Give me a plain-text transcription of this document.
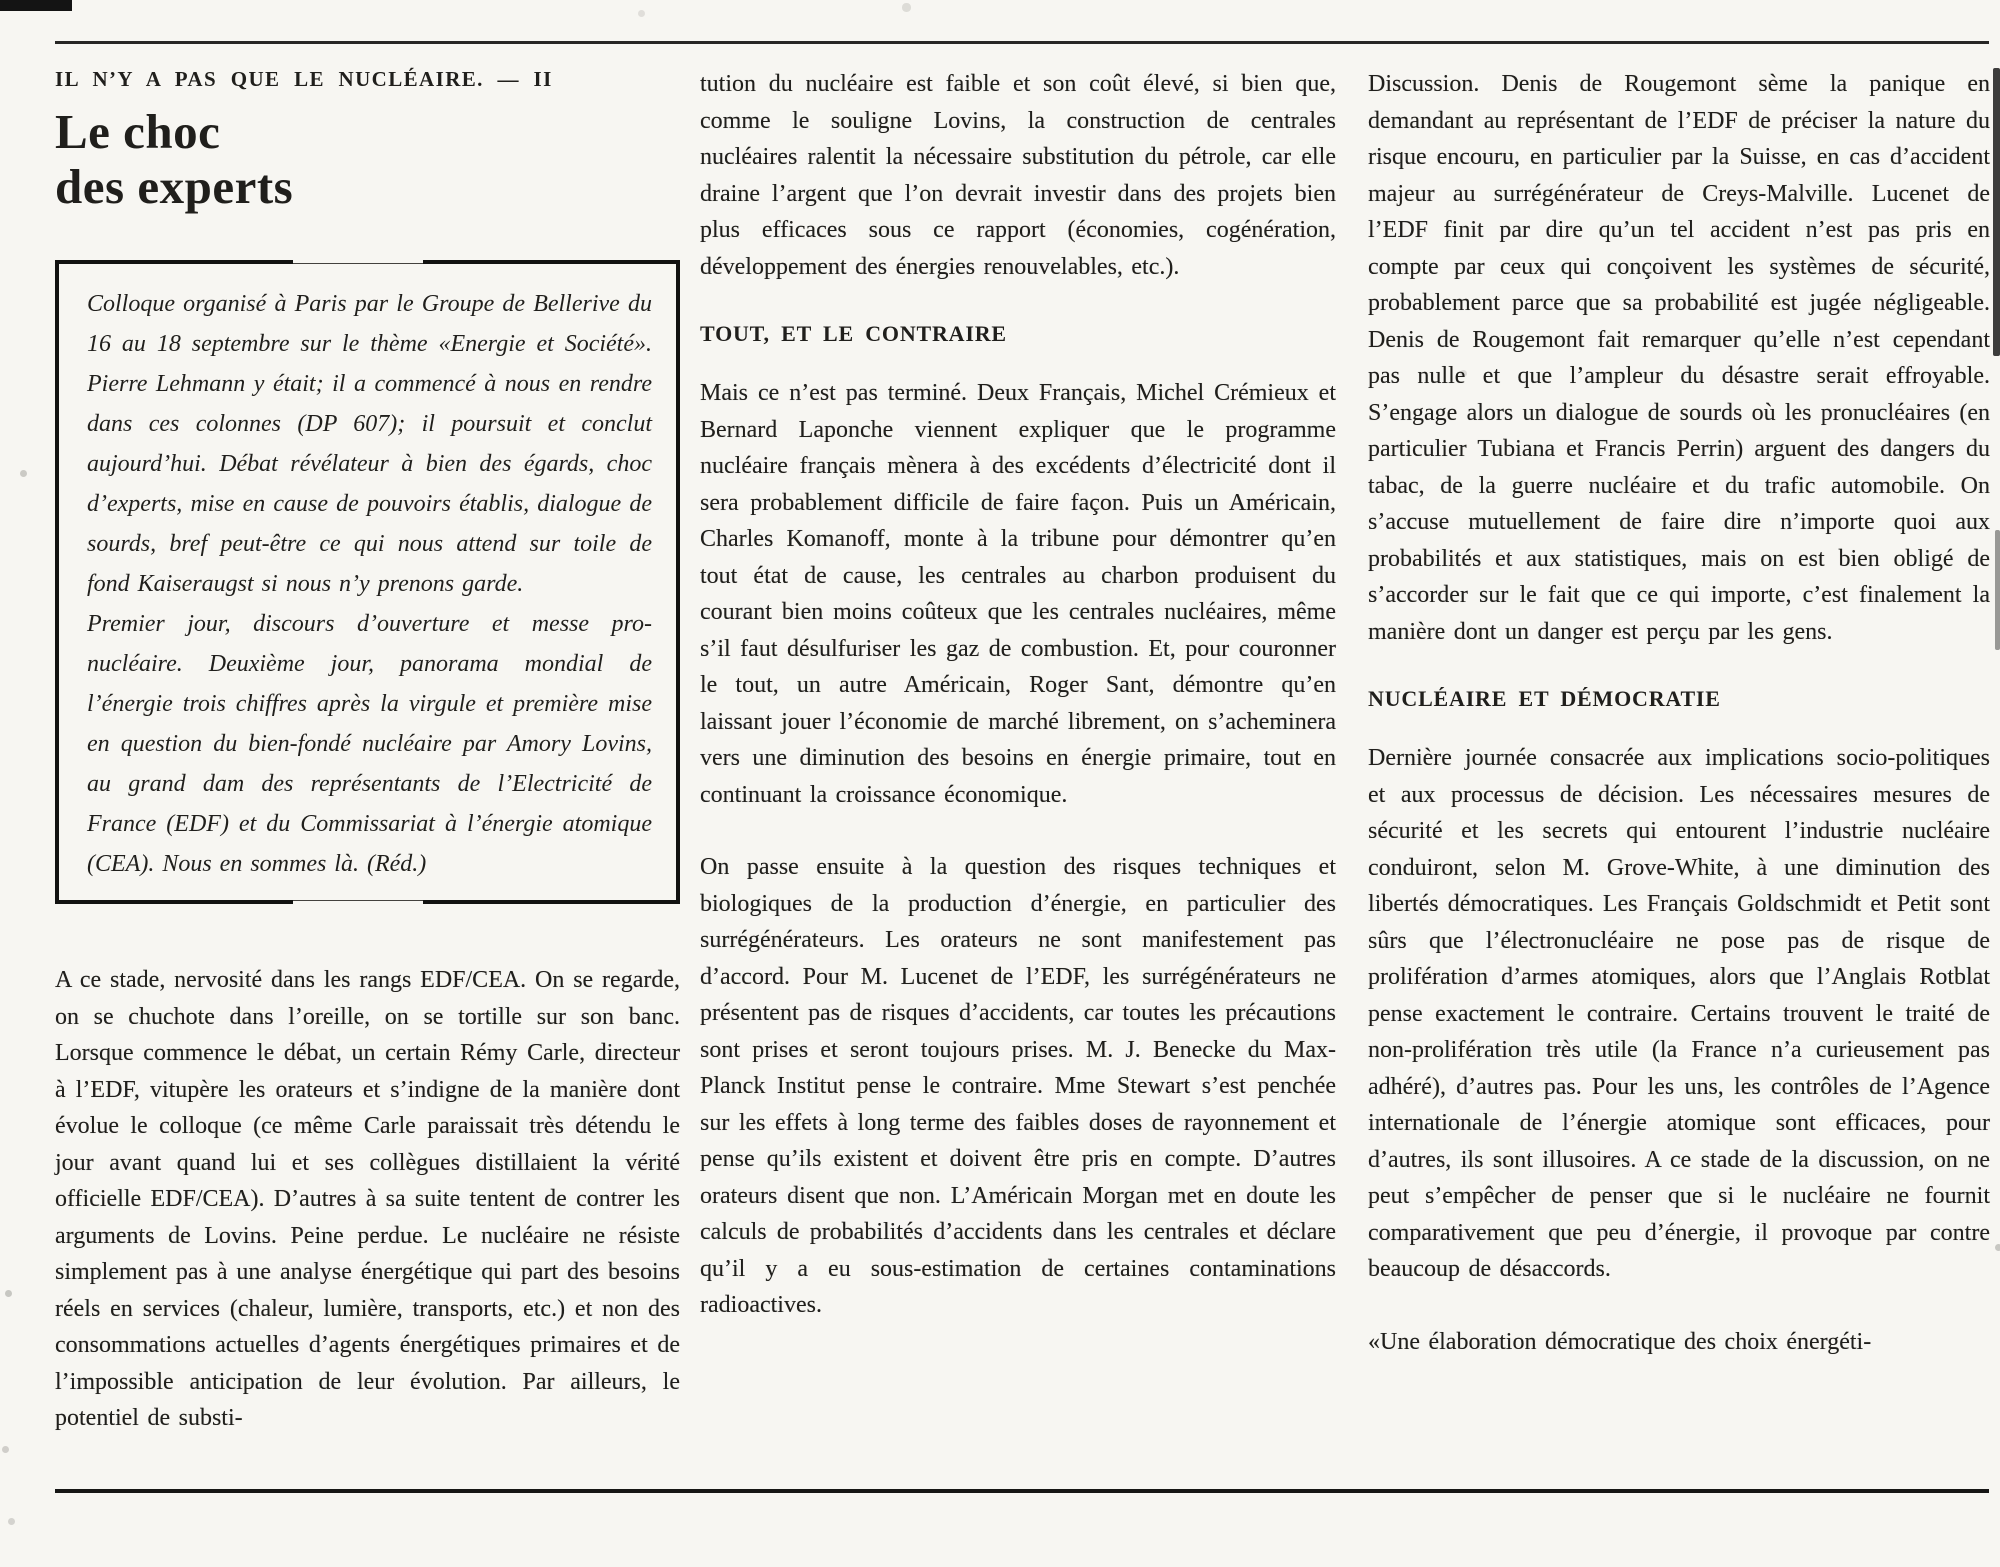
IL N’Y A PAS QUE LE NUCLÉAIRE. — II
Le choc
des experts

Colloque organisé à Paris par le Groupe de Bellerive du 16 au 18 septembre sur le thème «Energie et Société». Pierre Lehmann y était; il a commencé à nous en rendre dans ces colonnes (DP 607); il poursuit et conclut aujourd’hui. Débat révélateur à bien des égards, choc d’experts, mise en cause de pouvoirs établis, dialogue de sourds, bref peut-être ce qui nous attend sur toile de fond Kaiseraugst si nous n’y prenons garde.

Premier jour, discours d’ouverture et messe pro-nucléaire. Deuxième jour, panorama mondial de l’énergie trois chiffres après la virgule et première mise en question du bien-fondé nucléaire par Amory Lovins, au grand dam des représentants de l’Electricité de France (EDF) et du Commissariat à l’énergie atomique (CEA). Nous en sommes là. (Réd.)

A ce stade, nervosité dans les rangs EDF/CEA. On se regarde, on se chuchote dans l’oreille, on se tortille sur son banc. Lorsque commence le débat, un certain Rémy Carle, directeur à l’EDF, vitupère les orateurs et s’indigne de la manière dont évolue le colloque (ce même Carle paraissait très détendu le jour avant quand lui et ses collègues distillaient la vérité officielle EDF/CEA). D’autres à sa suite tentent de contrer les arguments de Lovins. Peine perdue. Le nucléaire ne résiste simplement pas à une analyse énergétique qui part des besoins réels en services (chaleur, lumière, transports, etc.) et non des consommations actuelles d’agents énergétiques primaires et de l’impossible anticipation de leur évolution. Par ailleurs, le potentiel de substi-

tution du nucléaire est faible et son coût élevé, si bien que, comme le souligne Lovins, la construction de centrales nucléaires ralentit la nécessaire substitution du pétrole, car elle draine l’argent que l’on devrait investir dans des projets bien plus efficaces sous ce rapport (économies, cogénération, développement des énergies renouvelables, etc.).

TOUT, ET LE CONTRAIRE

Mais ce n’est pas terminé. Deux Français, Michel Crémieux et Bernard Laponche viennent expliquer que le programme nucléaire français mènera à des excédents d’électricité dont il sera probablement difficile de faire façon. Puis un Américain, Charles Komanoff, monte à la tribune pour démontrer qu’en tout état de cause, les centrales au charbon produisent du courant bien moins coûteux que les centrales nucléaires, même s’il faut désulfuriser les gaz de combustion. Et, pour couronner le tout, un autre Américain, Roger Sant, démontre qu’en laissant jouer l’économie de marché librement, on s’acheminera vers une diminution des besoins en énergie primaire, tout en continuant la croissance économique.

On passe ensuite à la question des risques techniques et biologiques de la production d’énergie, en particulier des surrégénérateurs. Les orateurs ne sont manifestement pas d’accord. Pour M. Lucenet de l’EDF, les surrégénérateurs ne présentent pas de risques d’accidents, car toutes les précautions sont prises et seront toujours prises. M. J. Benecke du Max-Planck Institut pense le contraire. Mme Stewart s’est penchée sur les effets à long terme des faibles doses de rayonnement et pense qu’ils existent et doivent être pris en compte. D’autres orateurs disent que non. L’Américain Morgan met en doute les calculs de probabilités d’accidents dans les centrales et déclare qu’il y a eu sous-estimation de certaines contaminations radioactives.

Discussion. Denis de Rougemont sème la panique en demandant au représentant de l’EDF de préciser la nature du risque encouru, en particulier par la Suisse, en cas d’accident majeur au surrégénérateur de Creys-Malville. Lucenet de l’EDF finit par dire qu’un tel accident n’est pas pris en compte par ceux qui conçoivent les systèmes de sécurité, probablement parce que sa probabilité est jugée négligeable. Denis de Rougemont fait remarquer qu’elle n’est cependant pas nulle et que l’ampleur du désastre serait effroyable. S’engage alors un dialogue de sourds où les pronucléaires (en particulier Tubiana et Francis Perrin) arguent des dangers du tabac, de la guerre nucléaire et du trafic automobile. On s’accuse mutuellement de faire dire n’importe quoi aux probabilités et aux statistiques, mais on est bien obligé de s’accorder sur le fait que ce qui importe, c’est finalement la manière dont un danger est perçu par les gens.

NUCLÉAIRE ET DÉMOCRATIE

Dernière journée consacrée aux implications socio-politiques et aux processus de décision. Les nécessaires mesures de sécurité et les secrets qui entourent l’industrie nucléaire conduiront, selon M. Grove-White, à une diminution des libertés démocratiques. Les Français Goldschmidt et Petit sont sûrs que l’électronucléaire ne pose pas de risque de prolifération d’armes atomiques, alors que l’Anglais Rotblat pense exactement le contraire. Certains trouvent le traité de non-prolifération très utile (la France n’a curieusement pas adhéré), d’autres pas. Pour les uns, les contrôles de l’Agence internationale de l’énergie atomique sont efficaces, pour d’autres, ils sont illusoires. A ce stade de la discussion, on ne peut s’empêcher de penser que si le nucléaire ne fournit comparativement que peu d’énergie, il provoque par contre beaucoup de désaccords.

«Une élaboration démocratique des choix énergéti-
